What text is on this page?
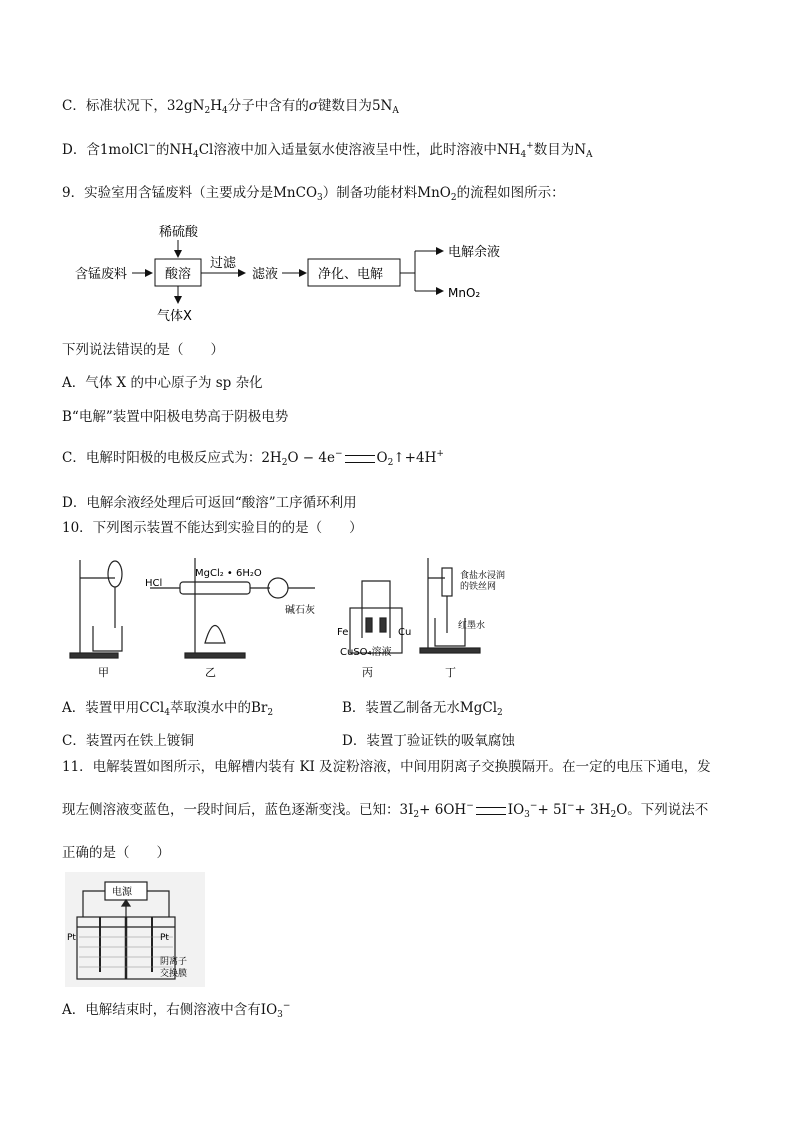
C．标准状况下，$32gN_2H_4$分子中含有的σ键数目为$5N_A$
D．含1molCl−的$NH_4Cl$溶液中加入适量氨水使溶液呈中性，此时溶液中$NH_4^+$数目为$N_A$
9．实验室用含锰废料（主要成分是MnCO$_3$）制备功能材料MnO$_2$的流程如图所示：
含锰废料
稀硫酸
酸溶
气体X
过滤
滤液	净化、电解
电解余液
MnO₂
下列说法错误的是（　　）
A．气体 X 的中心原子为 sp 杂化
B“电解”装置中阳极电势高于阴极电势
C．电解时阳极的电极反应式为：$2H_2O - 4e^-$	$O_2↑+4H^+$
D．电解余液经处理后可返回“酸溶”工序循环利用
10．下列图示装置不能达到实验目的的是（　　）
HCl
MgCl₂ • 6H₂O
碱石灰
Fe	Cu
CuSO₄溶液
食盐水浸润
的铁丝网
红墨水
甲	乙	丙	丁
A．装置甲用CCl$_4$萃取溴水中的$Br_2$	B．装置乙制备无水MgCl$_2$
C．装置丙在铁上镀铜	D．装置丁验证铁的吸氧腐蚀
11．电解装置如图所示，电解槽内装有 KI 及淀粉溶液，中间用阴离子交换膜隔开。在一定的电压下通电，发
现左侧溶液变蓝色，一段时间后，蓝色逐渐变浅。已知：$3I_2+ 6OH^-$	$IO_3^-+ 5I^-+ 3H_2O$。下列说法不
正确的是（　　）
电源
Pt	Pt
阴离子
交换膜
A．电解结束时，右侧溶液中含有$IO_3^-$
